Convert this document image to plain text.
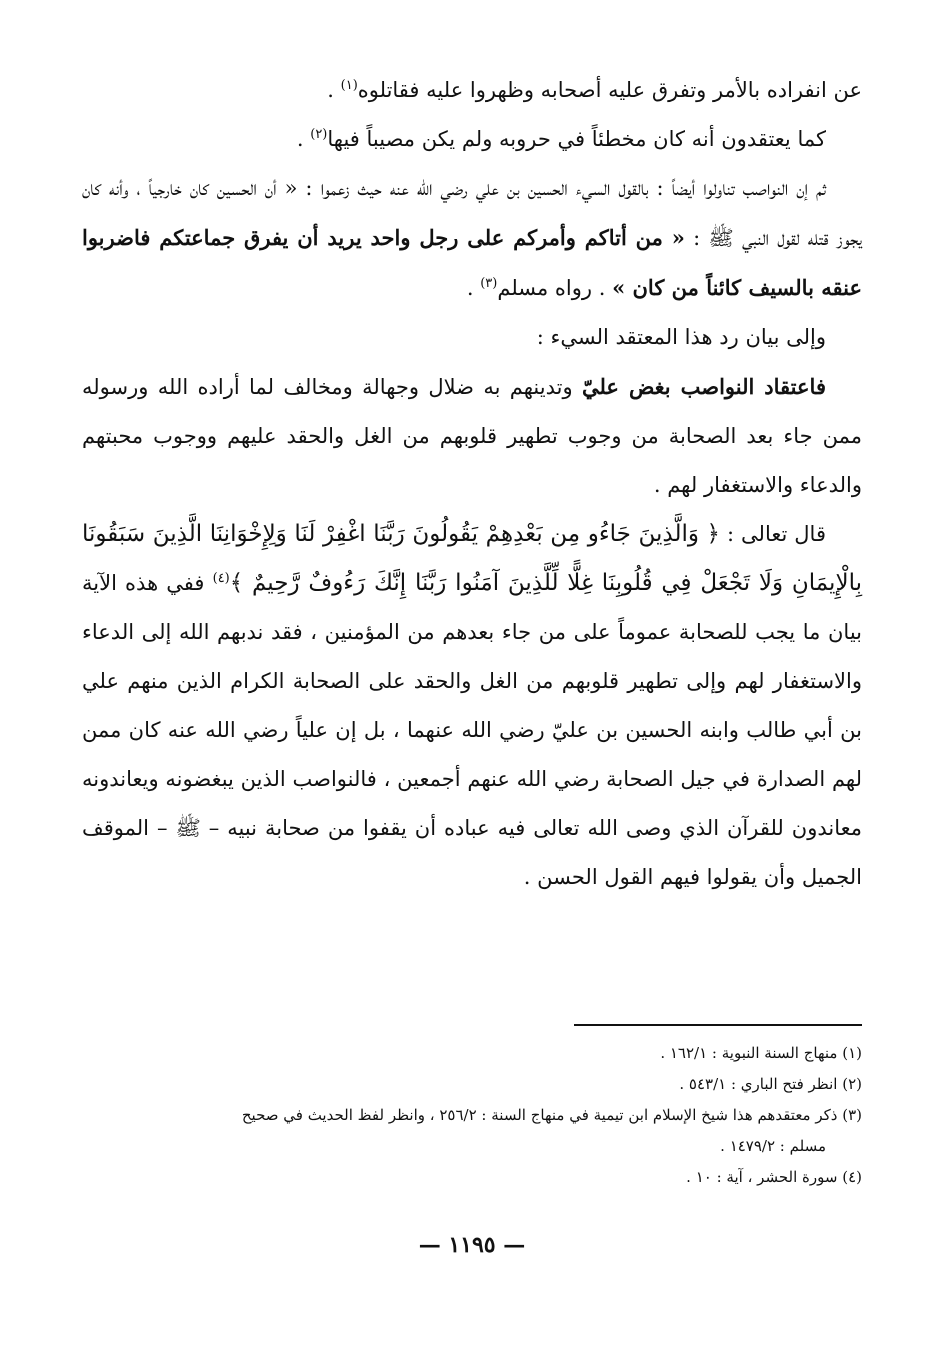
عن انفراده بالأمر وتفرق عليه أصحابه وظهروا عليه فقاتلوه$^{(١)}$ .

كما يعتقدون أنه كان مخطئاً في حروبه ولم يكن مصيباً فيها$^{(٢)}$ .

ثم إن النواصب تناولوا أيضاً : بالقول السيء الحسين بن علي رضي الله عنه حيث زعموا : « أن الحسين كان خارجياً ، وأنه كان يجوز قتله لقول النبي ﷺ : « من أتاكم وأمركم على رجل واحد يريد أن يفرق جماعتكم فاضربوا عنقه بالسيف كائناً من كان » . رواه مسلم$^{(٣)}$ .

وإلى بيان رد هذا المعتقد السيء :

فاعتقاد النواصب بغض عليّ وتدينهم به ضلال وجهالة ومخالف لما أراده الله ورسوله ممن جاء بعد الصحابة من وجوب تطهير قلوبهم من الغل والحقد عليهم ووجوب محبتهم والدعاء والاستغفار لهم .

قال تعالى : ﴿ وَالَّذِينَ جَاءُو مِن بَعْدِهِمْ يَقُولُونَ رَبَّنَا اغْفِرْ لَنَا وَلِإِخْوَانِنَا الَّذِينَ سَبَقُونَا بِالْإِيمَانِ وَلَا تَجْعَلْ فِي قُلُوبِنَا غِلًّا لِّلَّذِينَ آمَنُوا رَبَّنَا إِنَّكَ رَءُوفٌ رَّحِيمٌ ﴾$^{(٤)}$ ففي هذه الآية بيان ما يجب للصحابة عموماً على من جاء بعدهم من المؤمنين ، فقد ندبهم الله إلى الدعاء والاستغفار لهم وإلى تطهير قلوبهم من الغل والحقد على الصحابة الكرام الذين منهم علي بن أبي طالب وابنه الحسين بن عليّ رضي الله عنهما ، بل إن علياً رضي الله عنه كان ممن لهم الصدارة في جيل الصحابة رضي الله عنهم أجمعين ، فالنواصب الذين يبغضونه ويعاندونه معاندون للقرآن الذي وصى الله تعالى فيه عباده أن يقفوا من صحابة نبيه – ﷺ – الموقف الجميل وأن يقولوا فيهم القول الحسن .

(١) منهاج السنة النبوية : ١٦٢/١ .

(٢) انظر فتح الباري : ٥٤٣/١ .

(٣) ذكر معتقدهم هذا شيخ الإسلام ابن تيمية في منهاج السنة : ٢٥٦/٢ ، وانظر لفظ الحديث في صحيح

مسلم : ١٤٧٩/٢ .

(٤) سورة الحشر ، آية : ١٠ .

— ١١٩٥ —
